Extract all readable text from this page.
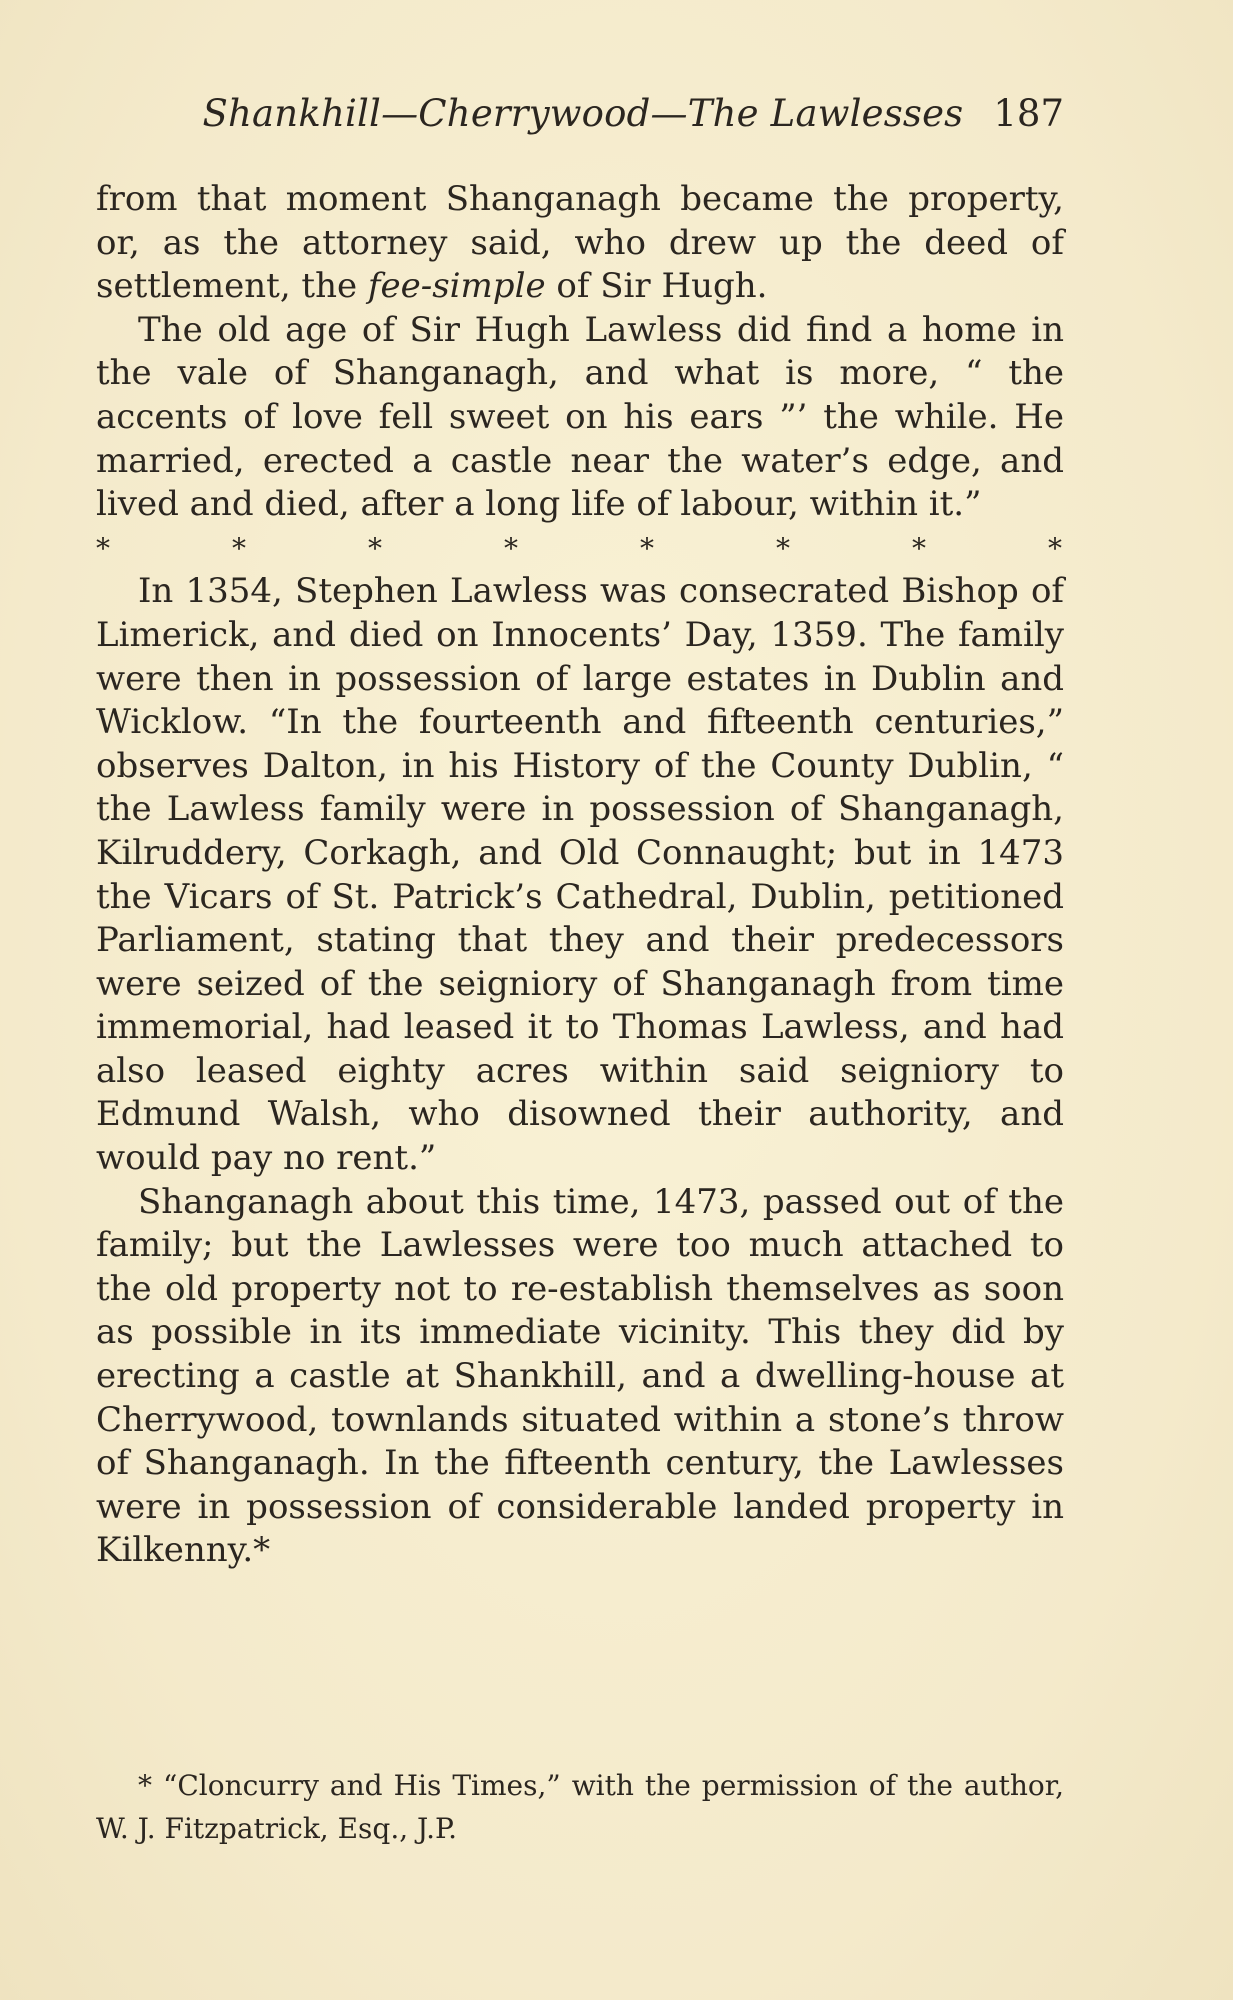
Shankhill—Cherrywood—The Lawlesses 187

from that moment Shanganagh became the property, or, as the attorney said, who drew up the deed of settlement, the fee-simple of Sir Hugh.

The old age of Sir Hugh Lawless did find a home in the vale of Shanganagh, and what is more, “ the accents of love fell sweet on his ears ”’ the while. He married, erected a castle near the water’s edge, and lived and died, after a long life of labour, within it.”

*	*	*	*	*	*	*	*

In 1354, Stephen Lawless was consecrated Bishop of Limerick, and died on Innocents’ Day, 1359. The family were then in possession of large estates in Dublin and Wicklow. “In the fourteenth and fifteenth centuries,” observes Dalton, in his History of the County Dublin, “ the Lawless family were in possession of Shanganagh, Kilruddery, Corkagh, and Old Connaught; but in 1473 the Vicars of St. Patrick’s Cathedral, Dublin, petitioned Parliament, stating that they and their predecessors were seized of the seigniory of Shanganagh from time immemorial, had leased it to Thomas Lawless, and had also leased eighty acres within said seigniory to Edmund Walsh, who disowned their authority, and would pay no rent.”

Shanganagh about this time, 1473, passed out of the family; but the Lawlesses were too much attached to the old property not to re-establish themselves as soon as possible in its immediate vicinity. This they did by erecting a castle at Shankhill, and a dwelling-house at Cherrywood, townlands situated within a stone’s throw of Shanganagh. In the fifteenth century, the Lawlesses were in possession of considerable landed property in Kilkenny.*

* “Cloncurry and His Times,” with the permission of the author, W. J. Fitzpatrick, Esq., J.P.
